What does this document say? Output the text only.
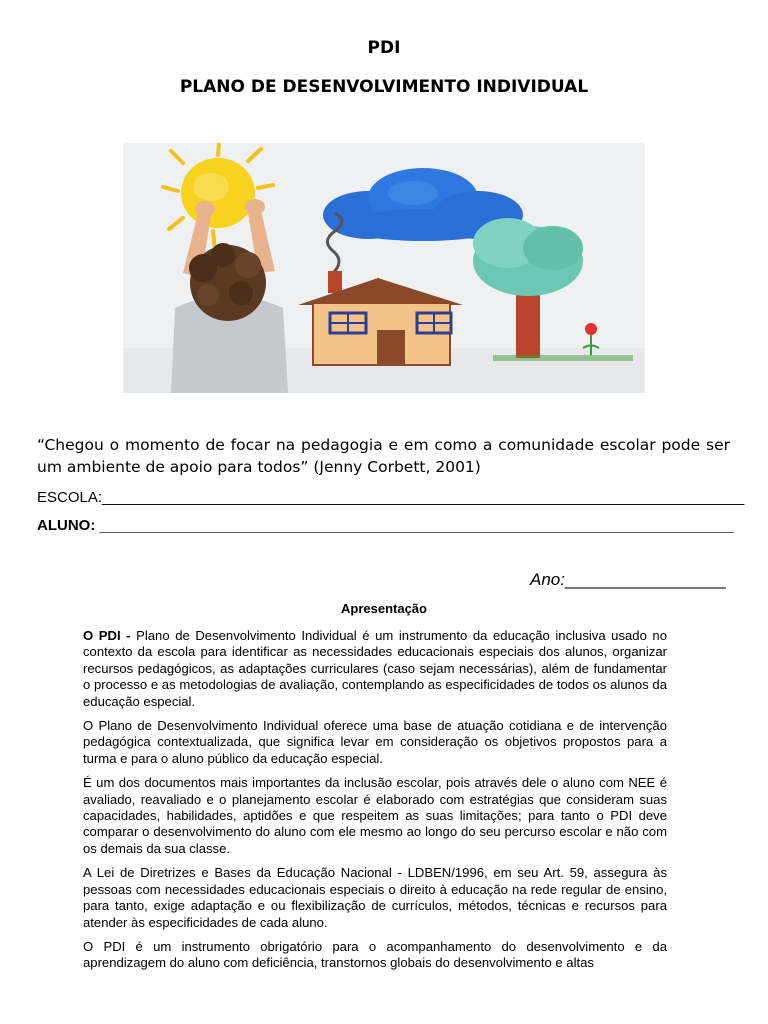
PDI
PLANO DE DESENVOLVIMENTO INDIVIDUAL
“Chegou o momento de focar na pedagogia e em como a comunidade escolar pode ser um ambiente de apoio para todos” (Jenny Corbett, 2001)
ESCOLA:_____________________________________________________________________________
ALUNO: ____________________________________________________________________________
Ano:_________________
Apresentação

O PDI - Plano de Desenvolvimento Individual é um instrumento da educação inclusiva usado no contexto da escola para identificar as necessidades educacionais especiais dos alunos, organizar recursos pedagógicos, as adaptações curriculares (caso sejam necessárias), além de fundamentar o processo e as metodologias de avaliação, contemplando as especificidades de todos os alunos da educação especial.

O Plano de Desenvolvimento Individual oferece uma base de atuação cotidiana e de intervenção pedagógica contextualizada, que significa levar em consideração os objetivos propostos para a turma e para o aluno público da educação especial.

É um dos documentos mais importantes da inclusão escolar, pois através dele o aluno com NEE é avaliado, reavaliado e o planejamento escolar é elaborado com estratégias que consideram suas capacidades, habilidades, aptidões e que respeitem as suas limitações; para tanto o PDI deve comparar o desenvolvimento do aluno com ele mesmo ao longo do seu percurso escolar e não com os demais da sua classe.

A Lei de Diretrizes e Bases da Educação Nacional - LDBEN/1996, em seu Art. 59, assegura às pessoas com necessidades educacionais especiais o direito à educação na rede regular de ensino, para tanto, exige adaptação e ou flexibilização de currículos, métodos, técnicas e recursos para atender às especificidades de cada aluno.

O PDI é um instrumento obrigatório para o acompanhamento do desenvolvimento e da aprendizagem do aluno com deficiência, transtornos globais do desenvolvimento e altas
